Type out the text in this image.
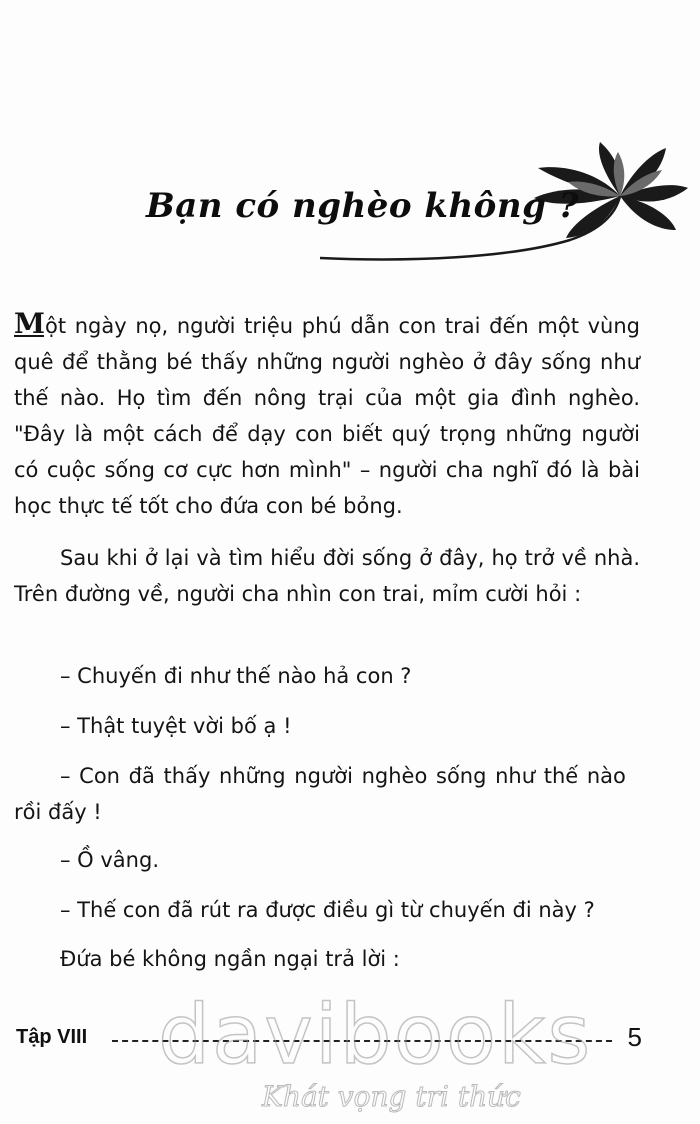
Bạn có nghèo không ?

Một ngày nọ, người triệu phú dẫn con trai đến một vùng quê để thằng bé thấy những người nghèo ở đây sống như thế nào. Họ tìm đến nông trại của một gia đình nghèo. "Đây là một cách để dạy con biết quý trọng những người có cuộc sống cơ cực hơn mình" – người cha nghĩ đó là bài học thực tế tốt cho đứa con bé bỏng.

Sau khi ở lại và tìm hiểu đời sống ở đây, họ trở về nhà. Trên đường về, người cha nhìn con trai, mỉm cười hỏi :

– Chuyến đi như thế nào hả con ?
– Thật tuyệt vời bố ạ !
– Con đã thấy những người nghèo sống như thế nào
rồi đấy !
– Ồ vâng.
– Thế con đã rút ra được điều gì từ chuyến đi này ?
Đứa bé không ngần ngại trả lời :
Tập VIII	5
davibooks
Khát vọng tri thức
